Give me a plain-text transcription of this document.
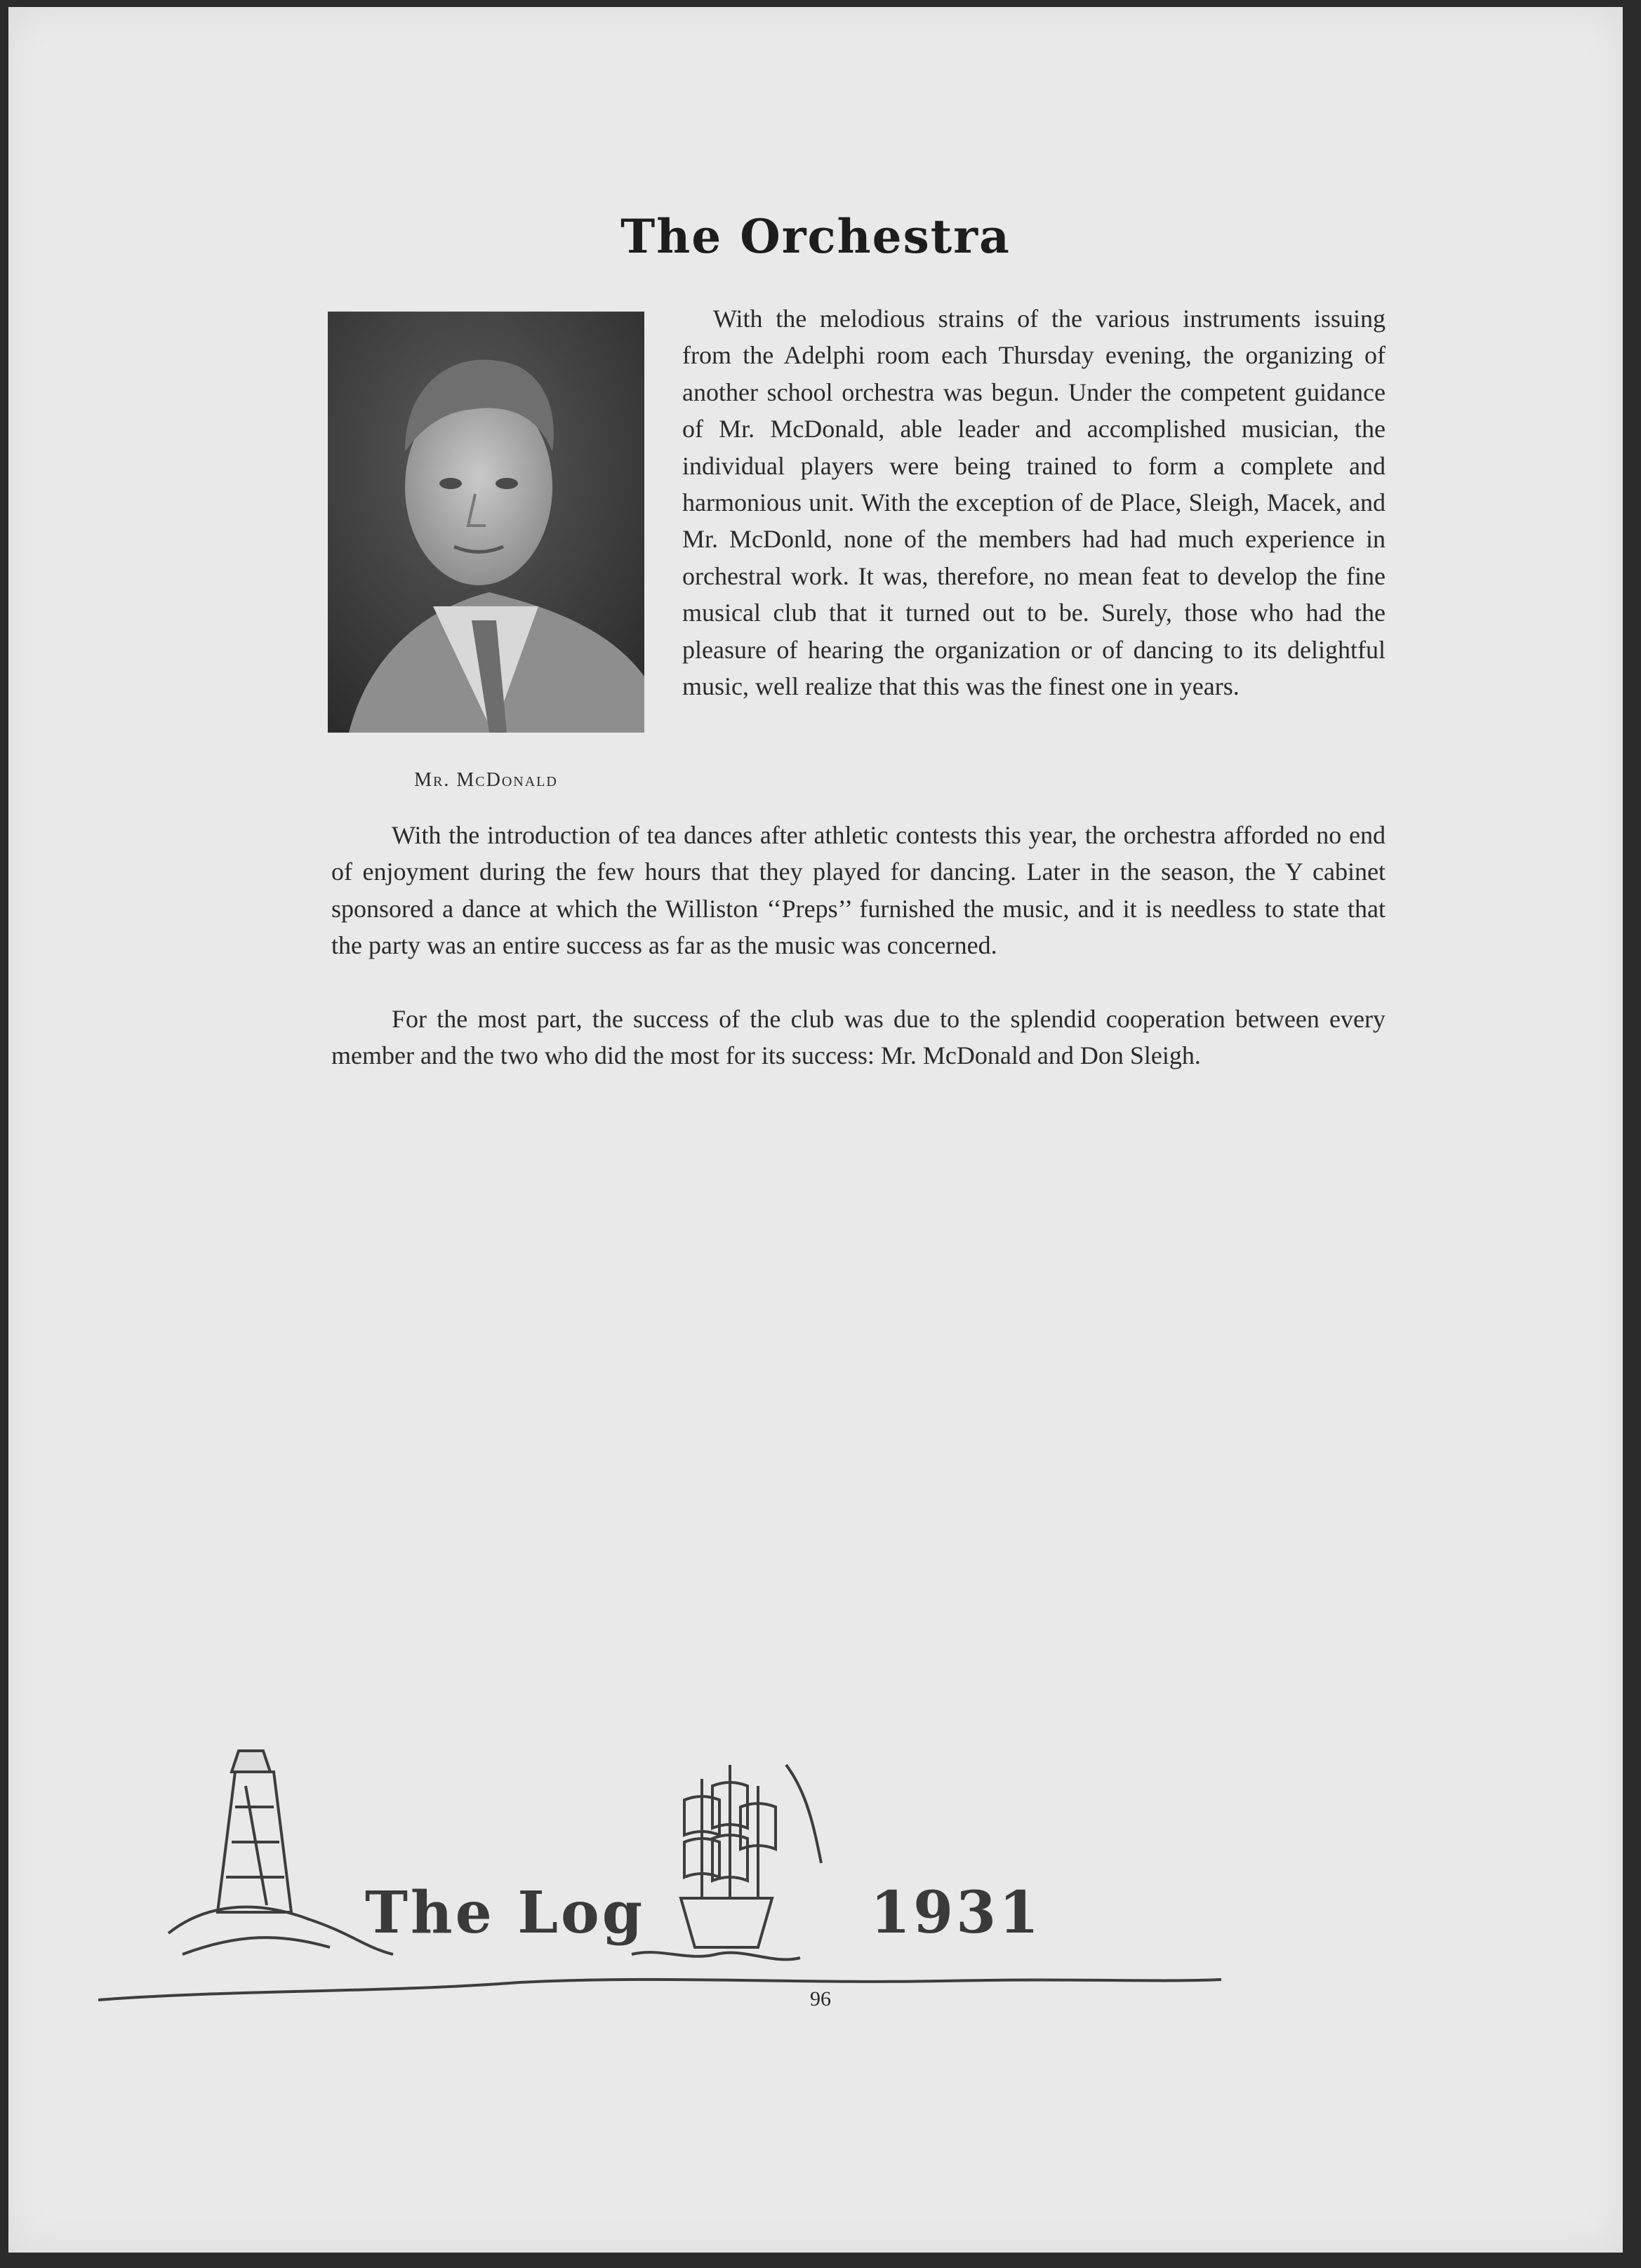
The Orchestra
Mr. McDonald

With the melodious strains of the various instruments issuing from the Adelphi room each Thursday evening, the organizing of another school orchestra was begun. Under the competent guidance of Mr. McDonald, able leader and accomplished musician, the individual players were being trained to form a complete and harmonious unit. With the exception of de Place, Sleigh, Macek, and Mr. McDonld, none of the members had had much experience in orchestral work. It was, therefore, no mean feat to develop the fine musical club that it turned out to be. Surely, those who had the pleasure of hearing the organization or of dancing to its delightful music, well realize that this was the finest one in years.

With the introduction of tea dances after athletic contests this year, the orchestra afforded no end of enjoyment during the few hours that they played for dancing. Later in the season, the Y cabinet sponsored a dance at which the Williston ‘‘Preps’’ furnished the music, and it is needless to state that the party was an entire success as far as the music was concerned.

For the most part, the success of the club was due to the splendid cooperation between every member and the two who did the most for its success: Mr. McDonald and Don Sleigh.

The Log	1931
96
